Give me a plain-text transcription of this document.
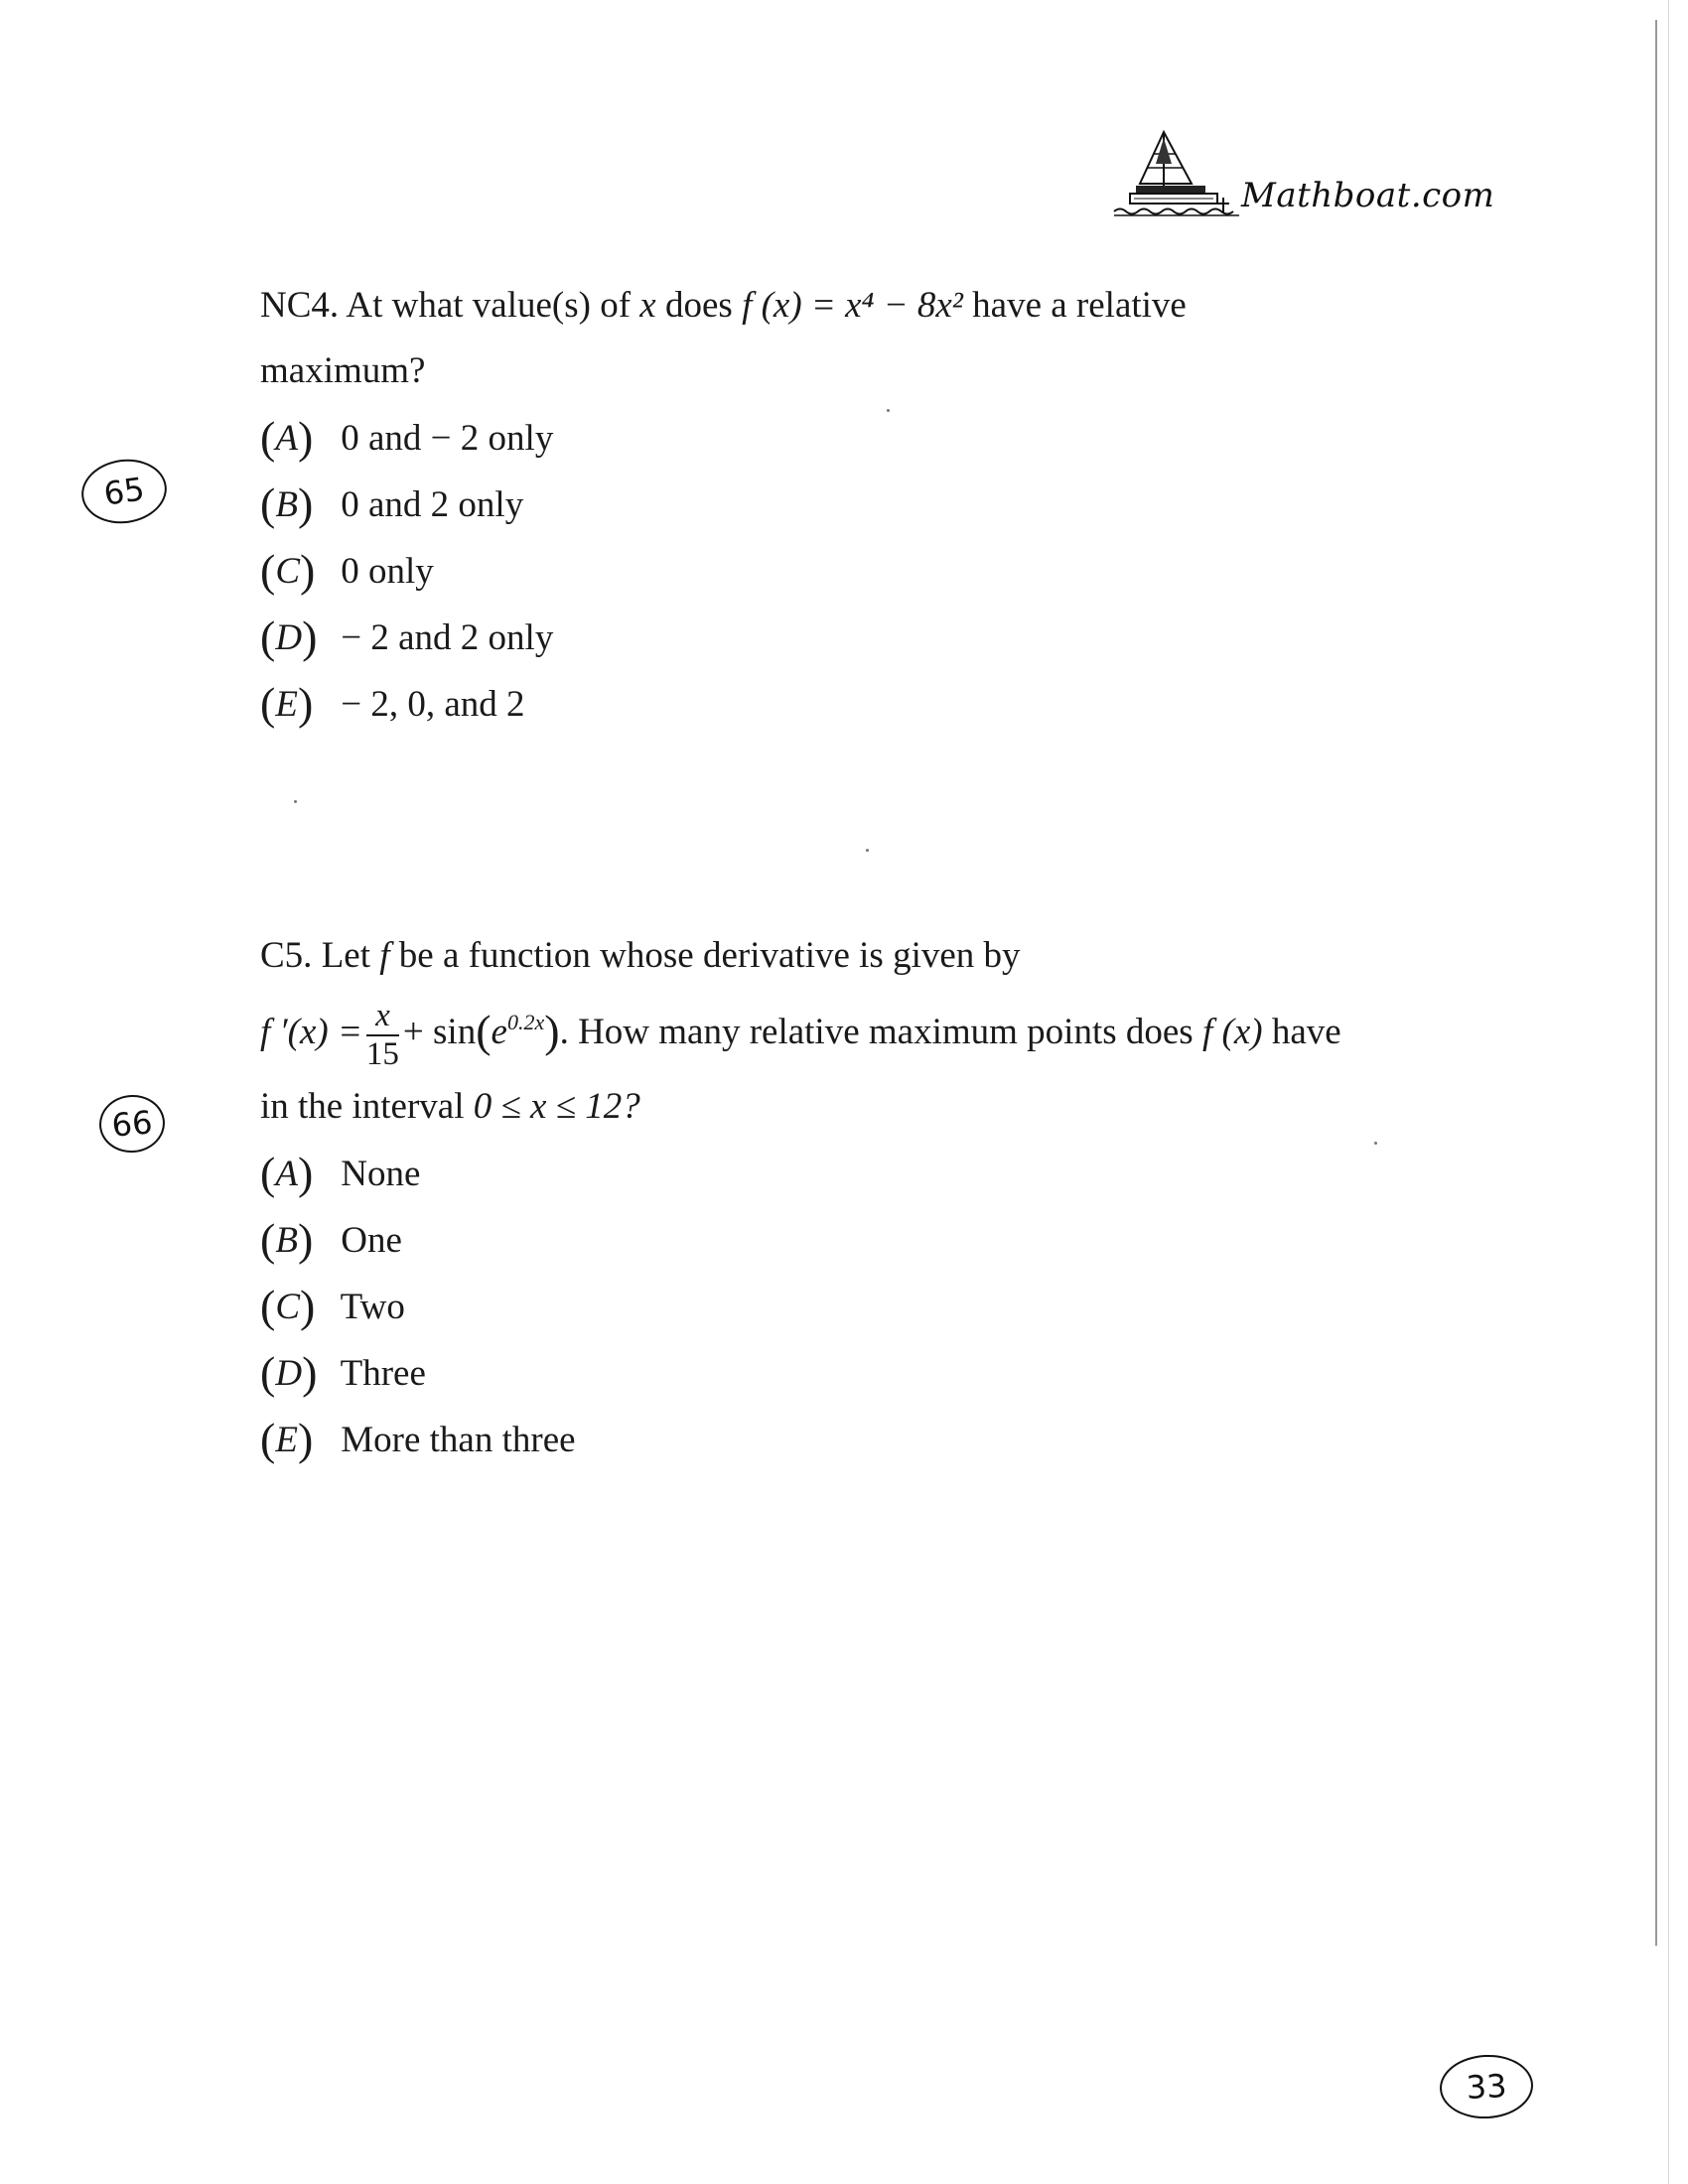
Mathboat.com
NC4. At what value(s) of x does f (x) = x⁴ − 8x² have a relative
maximum?
(A) 0 and − 2 only
(B) 0 and 2 only
(C) 0 only
(D) − 2 and 2 only
(E) − 2, 0, and 2
C5. Let f be a function whose derivative is given by
f $'(x) = \frac{x}{15} + \sin(e^{0.2x})$. How many relative maximum points does f (x) have
in the interval 0 ≤ x ≤ 12?
(A) None
(B) One
(C) Two
(D) Three
(E) More than three
65
66
33
